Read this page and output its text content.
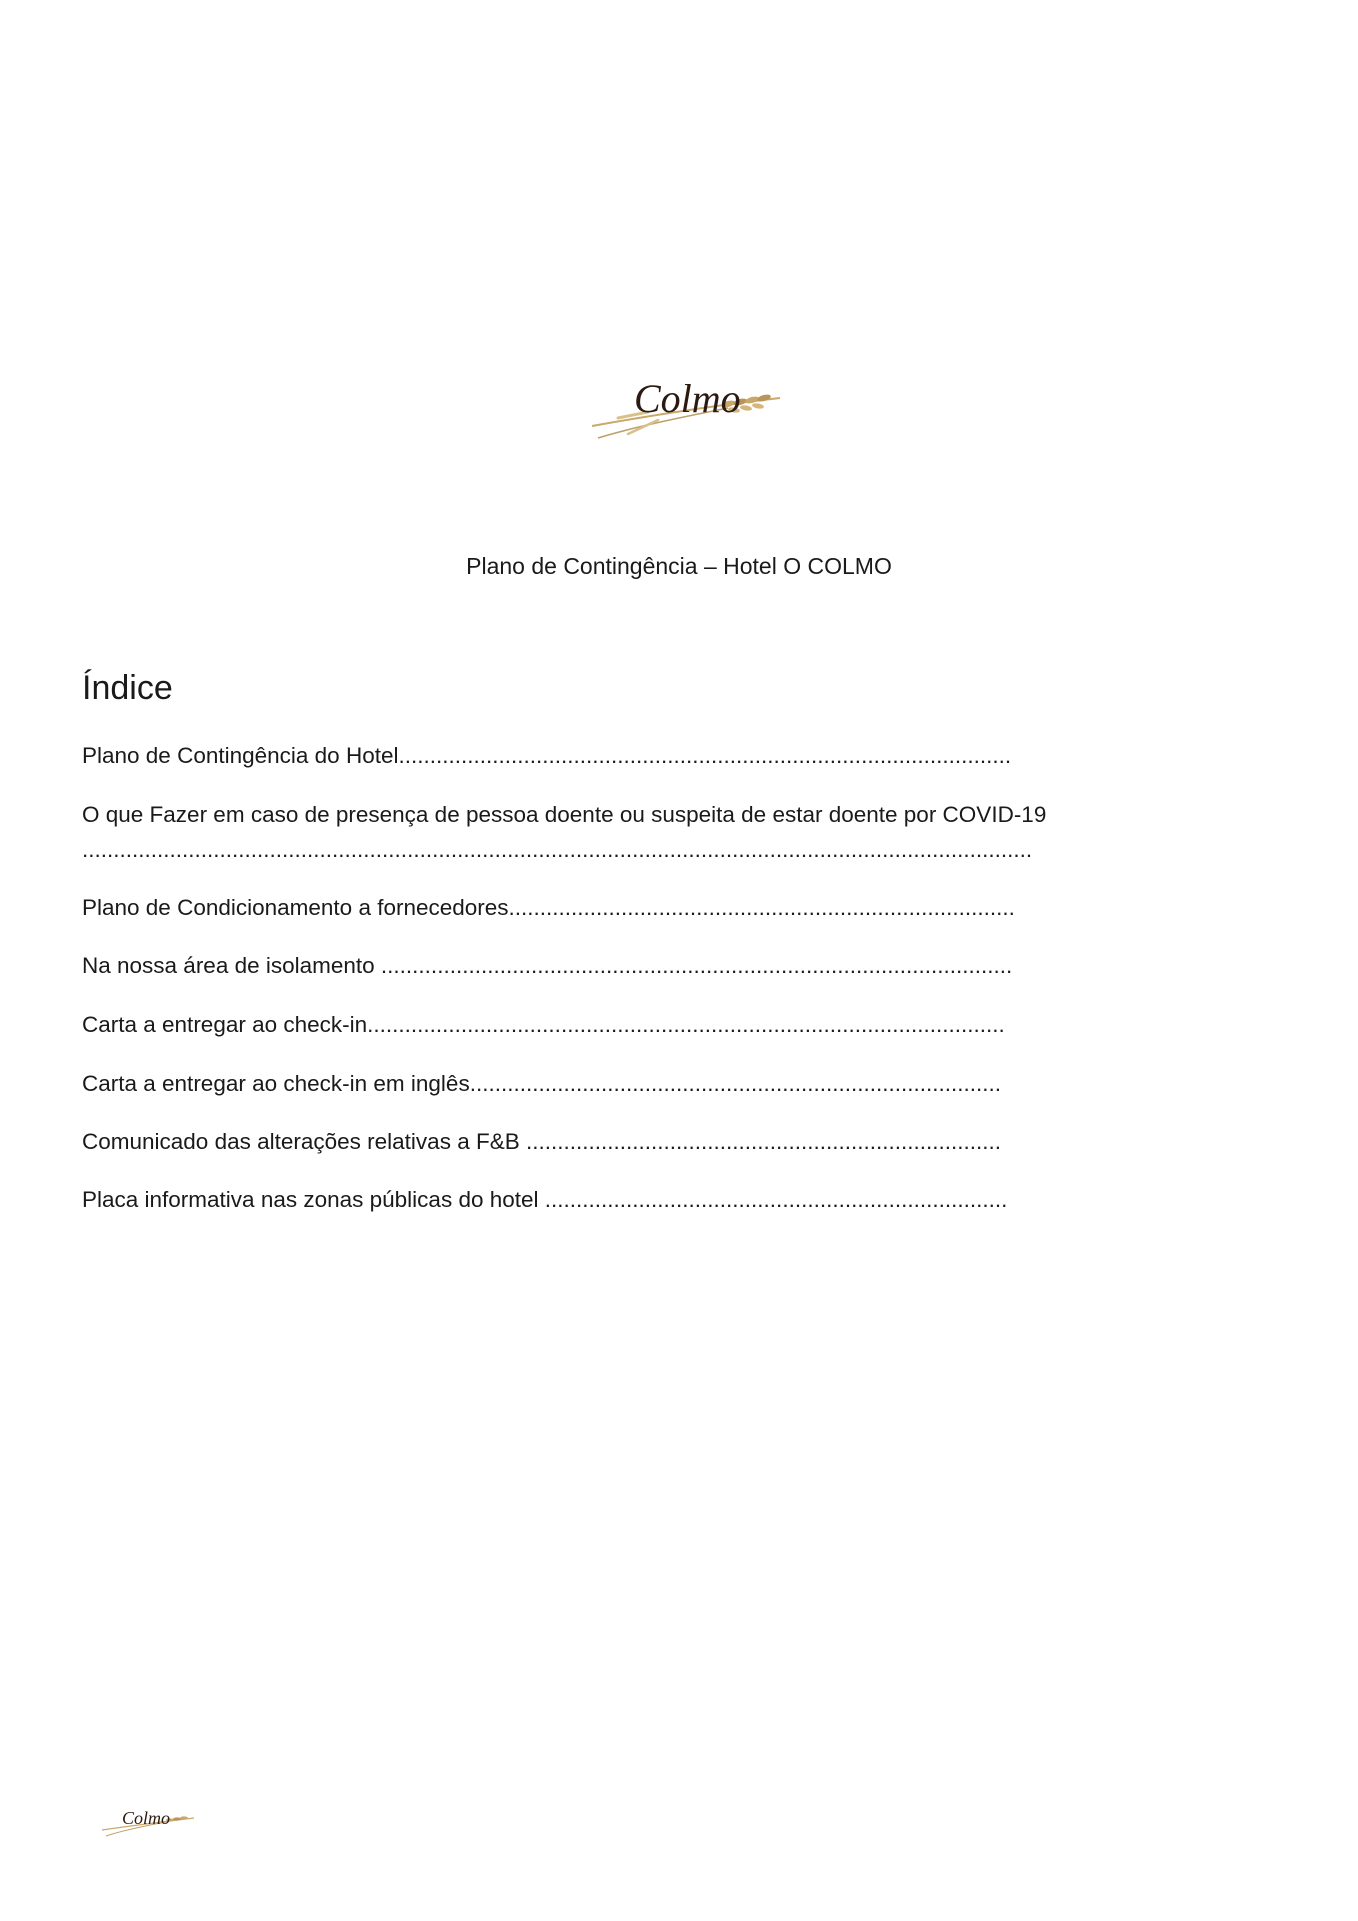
Colmo
Plano de Contingência – Hotel O COLMO
Índice
Plano de Contingência do Hotel..................................................................................................
O que Fazer em caso de presença de pessoa doente ou suspeita de estar doente por COVID-19
........................................................................................................................................................
Plano de Condicionamento a fornecedores.................................................................................
Na nossa área de isolamento .....................................................................................................
Carta a entregar ao check-in......................................................................................................
Carta a entregar ao check-in em inglês.....................................................................................
Comunicado das alterações relativas a F&B ............................................................................
Placa informativa nas zonas públicas do hotel ..........................................................................
Colmo
